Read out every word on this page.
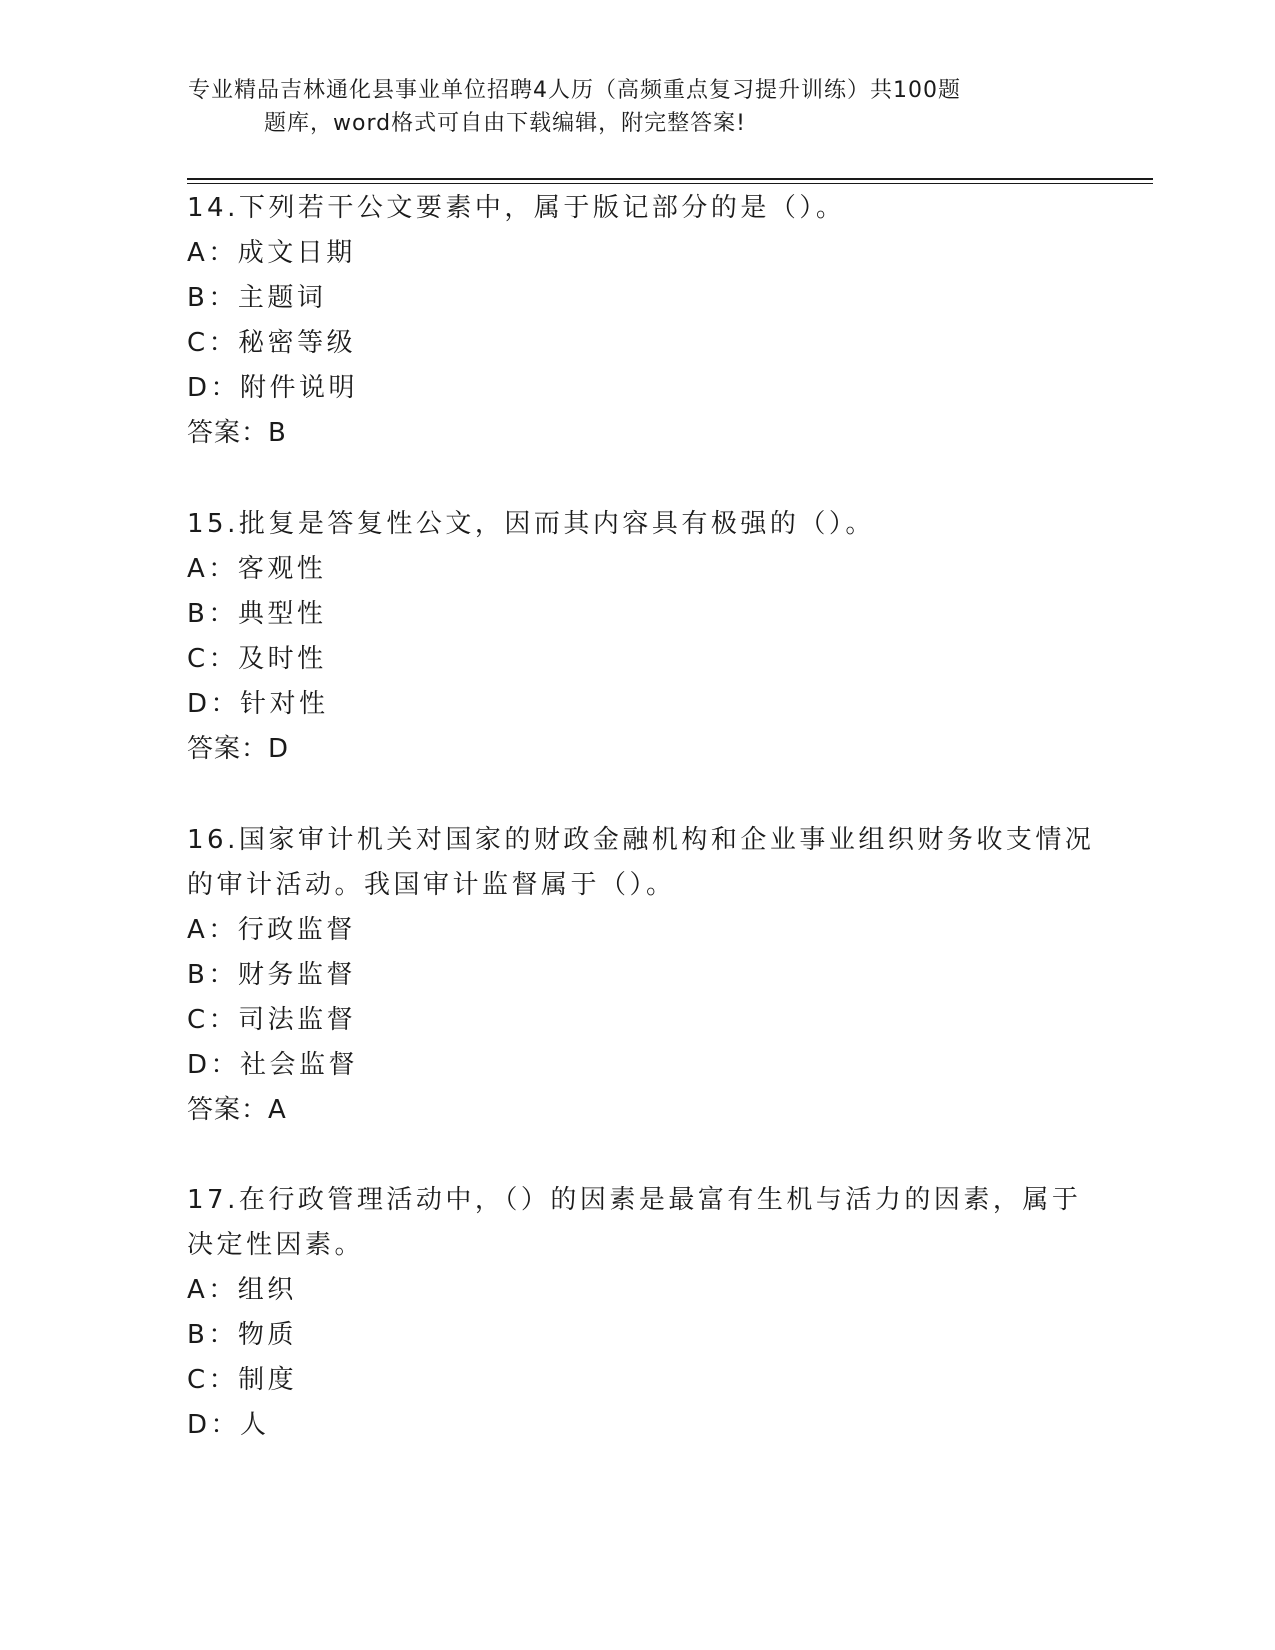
专业精品吉林通化县事业单位招聘4人历（高频重点复习提升训练）共100题
题库，word格式可自由下载编辑，附完整答案!
14.下列若干公文要素中，属于版记部分的是（）。
A：成文日期
B：主题词
C：秘密等级
D：附件说明
答案：B
15.批复是答复性公文，因而其内容具有极强的（）。
A：客观性
B：典型性
C：及时性
D：针对性
答案：D
16.国家审计机关对国家的财政金融机构和企业事业组织财务收支情况
的审计活动。我国审计监督属于（）。
A：行政监督
B：财务监督
C：司法监督
D：社会监督
答案：A
17.在行政管理活动中，（）的因素是最富有生机与活力的因素，属于
决定性因素。
A：组织
B：物质
C：制度
D：人
